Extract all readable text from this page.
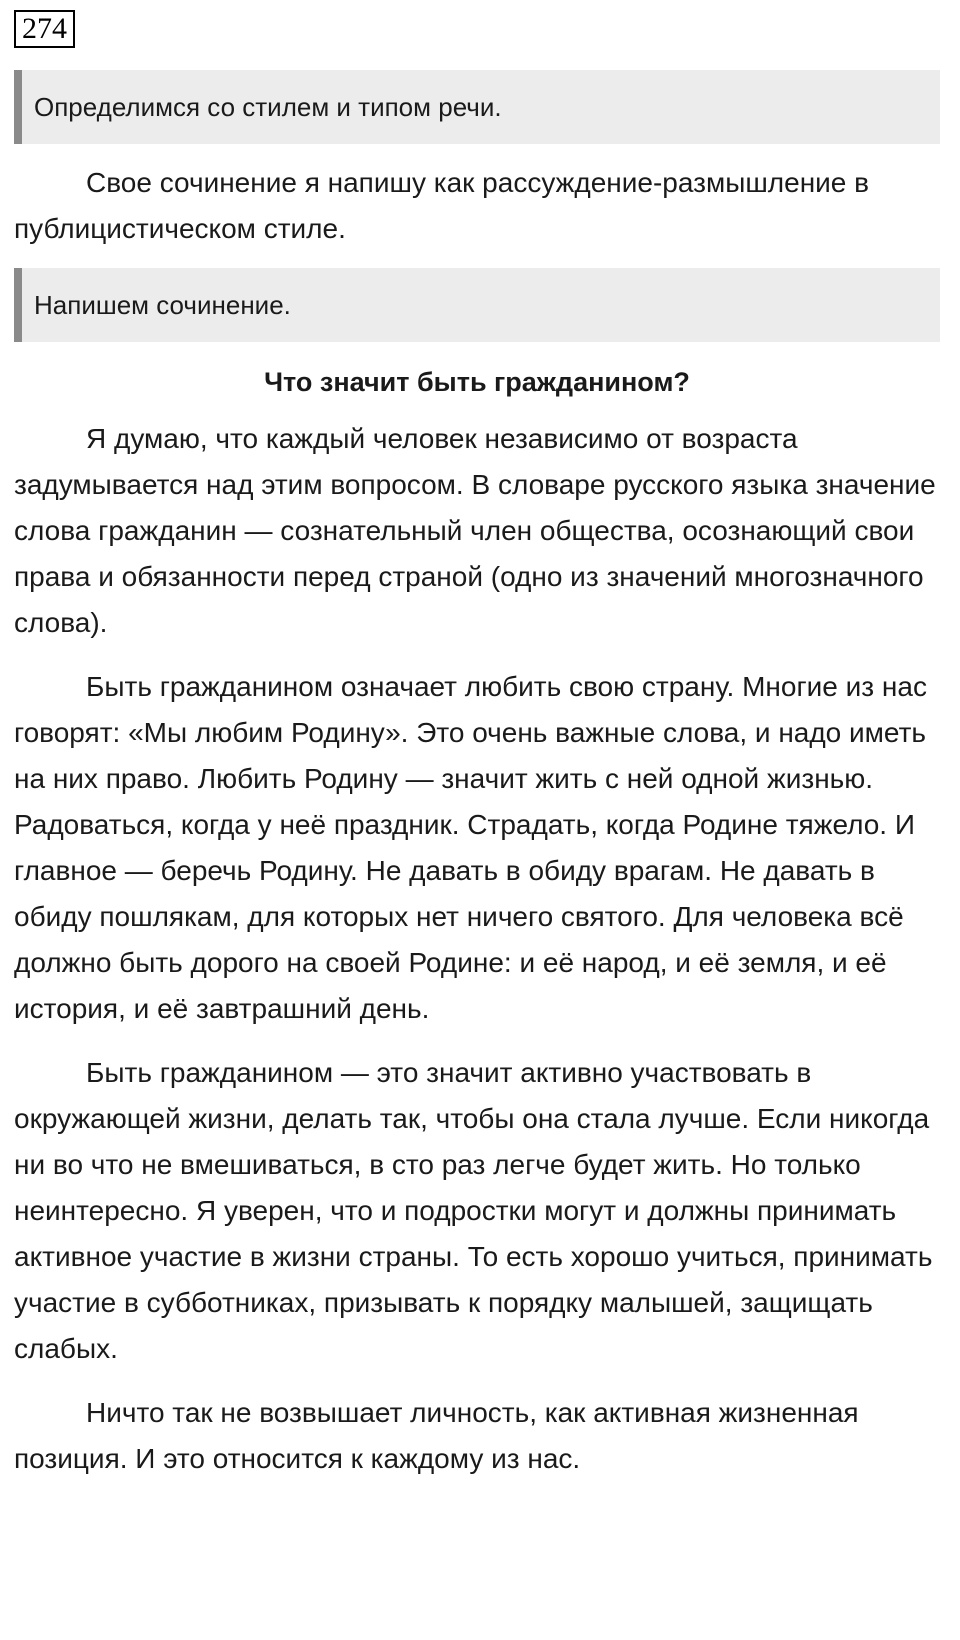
274
Определимся со стилем и типом речи.

Свое сочинение я напишу как рассуждение-размышление в публицистическом стиле.

Напишем сочинение.
Что значит быть гражданином?

Я думаю, что каждый человек независимо от возраста задумывается над этим вопросом. В словаре русского языка значение слова гражданин — сознательный член общества, осознающий свои права и обязанности перед страной (одно из значений многозначного слова).

Быть гражданином означает любить свою страну. Многие из нас говорят: «Мы любим Родину». Это очень важные слова, и надо иметь на них право. Любить Родину — значит жить с ней одной жизнью. Радоваться, когда у неё праздник. Страдать, когда Родине тяжело. И главное — беречь Родину. Не давать в обиду врагам. Не давать в обиду пошлякам, для которых нет ничего святого. Для человека всё должно быть дорого на своей Родине: и её народ, и её земля, и её история, и её завтрашний день.

Быть гражданином — это значит активно участвовать в окружающей жизни, делать так, чтобы она стала лучше. Если никогда ни во что не вмешиваться, в сто раз легче будет жить. Но только неинтересно. Я уверен, что и подростки могут и должны принимать активное участие в жизни страны. То есть хорошо учиться, принимать участие в субботниках, призывать к порядку малышей, защищать слабых.

Ничто так не возвышает личность, как активная жизненная позиция. И это относится к каждому из нас.
